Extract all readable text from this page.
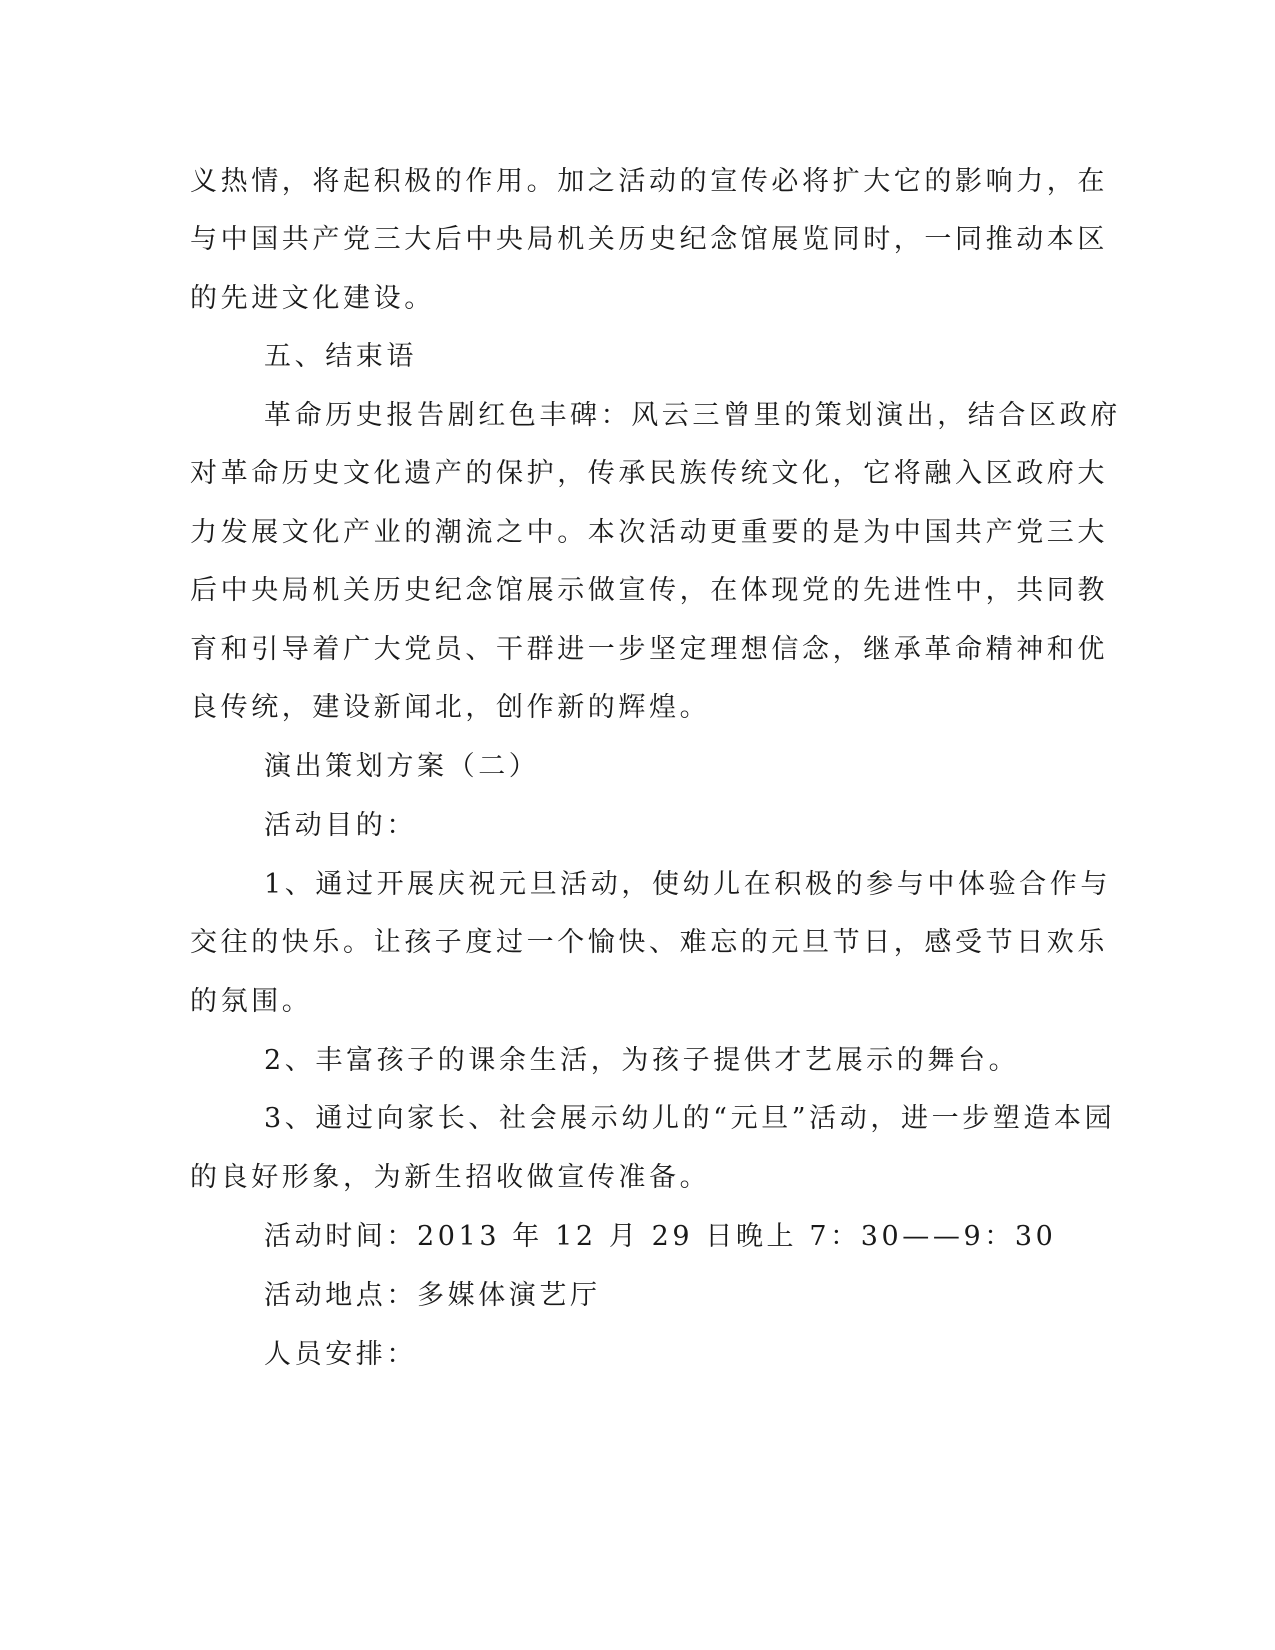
义热情，将起积极的作用。加之活动的宣传必将扩大它的影响力，在

与中国共产党三大后中央局机关历史纪念馆展览同时，一同推动本区

的先进文化建设。

五、结束语

革命历史报告剧红色丰碑：风云三曾里的策划演出，结合区政府

对革命历史文化遗产的保护，传承民族传统文化，它将融入区政府大

力发展文化产业的潮流之中。本次活动更重要的是为中国共产党三大

后中央局机关历史纪念馆展示做宣传，在体现党的先进性中，共同教

育和引导着广大党员、干群进一步坚定理想信念，继承革命精神和优

良传统，建设新闻北，创作新的辉煌。

演出策划方案（二）

活动目的：

1、通过开展庆祝元旦活动，使幼儿在积极的参与中体验合作与

交往的快乐。让孩子度过一个愉快、难忘的元旦节日，感受节日欢乐

的氛围。

2、丰富孩子的课余生活，为孩子提供才艺展示的舞台。

3、通过向家长、社会展示幼儿的“元旦”活动，进一步塑造本园

的良好形象，为新生招收做宣传准备。

活动时间：2013 年 12 月 29 日晚上 7：30——9：30

活动地点：多媒体演艺厅

人员安排：
